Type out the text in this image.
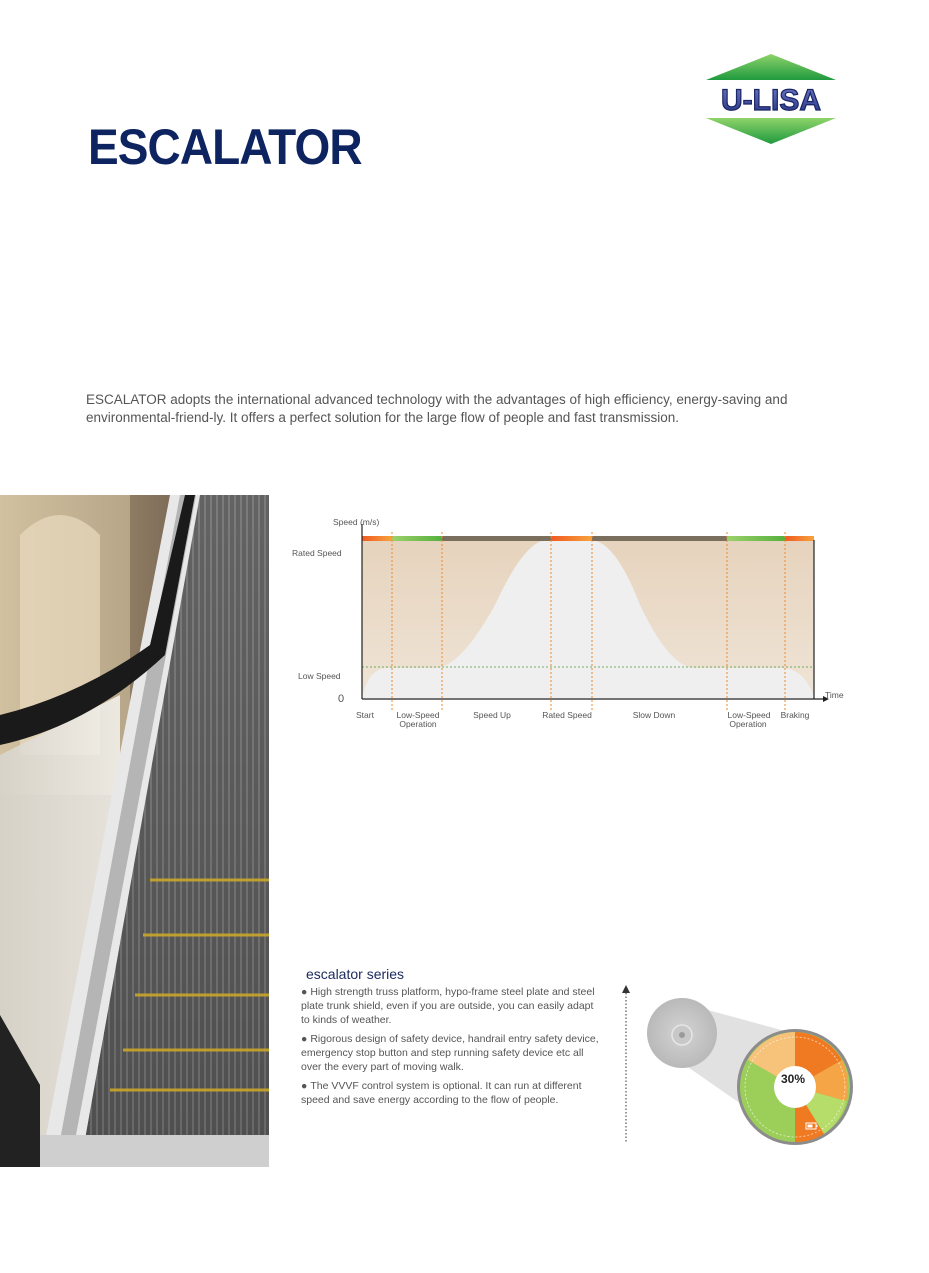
ESCALATOR
U-LISA
ESCALATOR adopts the international advanced technology with the advantages of high efficiency, energy-saving and environmental-friend-ly. It offers a perfect solution for the large flow of people and fast transmission.
Speed (m/s)
Rated Speed
Low Speed
0	Time
Start	Low-Speed
Operation
Speed Up	Rated Speed	Slow Down	Low-Speed
Operation
Braking
escalator series
● High strength truss platform, hypo-frame steel plate and steel plate trunk shield, even if you are outside, you can easily adapt to kinds of weather.
● Rigorous design of safety device, handrail entry safety device, emergency stop button and step running safety device etc all over the every part of moving walk.
● The VVVF control system is optional. It can run at different speed and save energy according to the flow of people.
30%
